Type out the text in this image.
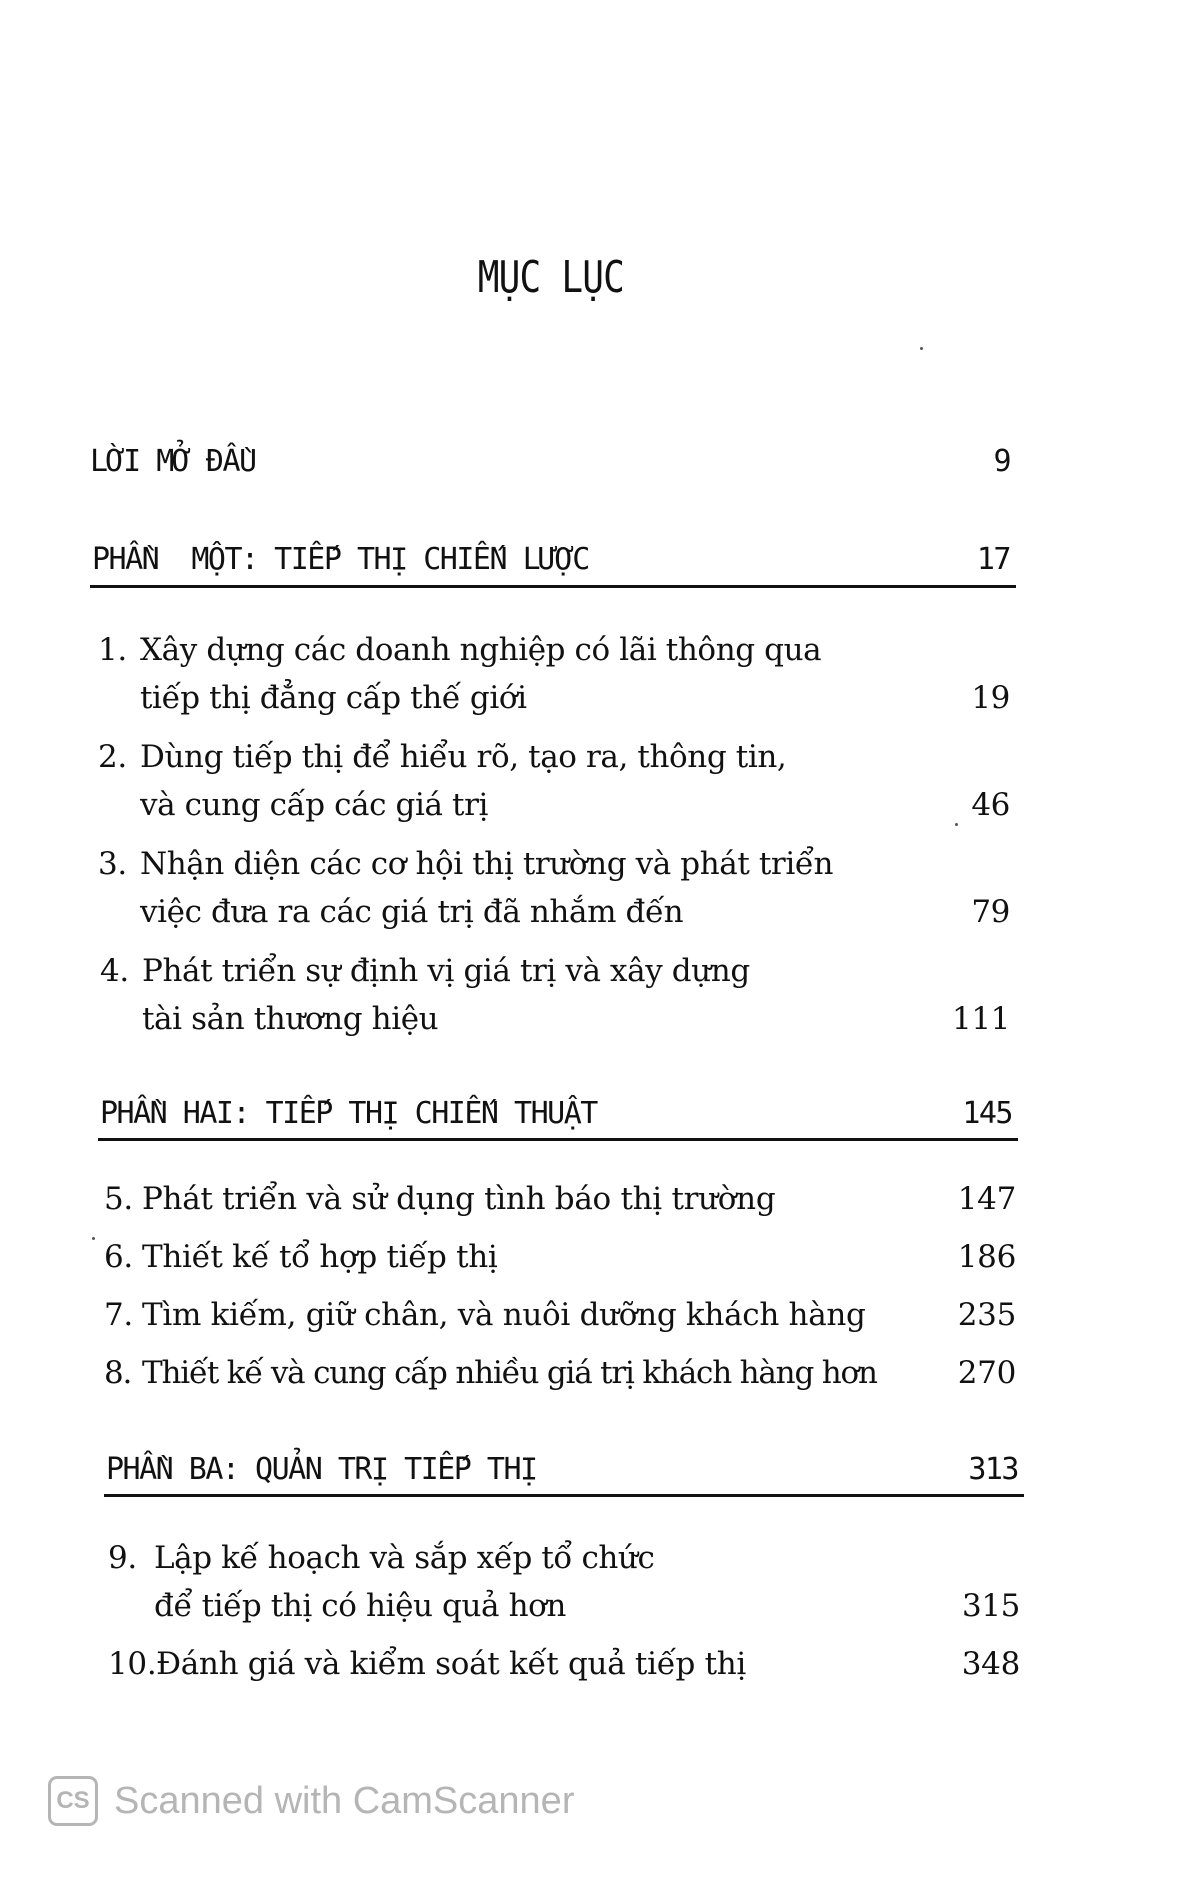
MỤC LỤC
LỜI MỞ ĐẦU	9
PHẦN  MỘT: TIẾP THỊ CHIẾN LƯỢC	17
1. Xây dựng các doanh nghiệp có lãi thông qua
tiếp thị đẳng cấp thế giới	19
2. Dùng tiếp thị để hiểu rõ, tạo ra, thông tin,
và cung cấp các giá trị	46
3. Nhận diện các cơ hội thị trường và phát triển
việc đưa ra các giá trị đã nhắm đến	79
4. Phát triển sự định vị giá trị và xây dựng
tài sản thương hiệu	111
PHẦN HAI: TIẾP THỊ CHIẾN THUẬT	145
5. Phát triển và sử dụng tình báo thị trường	147
6. Thiết kế tổ hợp tiếp thị	186
7. Tìm kiếm, giữ chân, và nuôi dưỡng khách hàng	235
8. Thiết kế và cung cấp nhiều giá trị khách hàng hơn	270
PHẦN BA: QUẢN TRỊ TIẾP THỊ	313
9. Lập kế hoạch và sắp xếp tổ chức
để tiếp thị có hiệu quả hơn	315
10.Đánh giá và kiểm soát kết quả tiếp thị	348
CS Scanned with CamScanner
